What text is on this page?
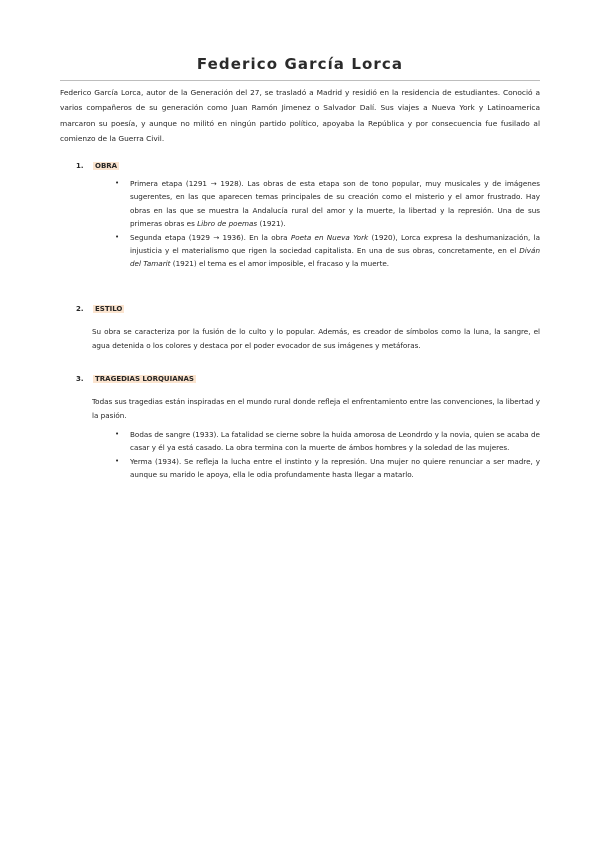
Federico García Lorca
Federico García Lorca, autor de la Generación del 27, se trasladó a Madrid y residió en la residencia de estudiantes. Conoció a varios compañeros de su generación como Juan Ramón Jimenez o Salvador Dalí. Sus viajes a Nueva York y Latinoamerica marcaron su poesía, y aunque no militó en ningún partido político, apoyaba la República y por consecuencia fue fusilado al comienzo de la Guerra Civil.
1. OBRA
• Primera etapa (1291 → 1928). Las obras de esta etapa son de tono popular, muy musicales y de imágenes sugerentes, en las que aparecen temas principales de su creación como el misterio y el amor frustrado. Hay obras en las que se muestra la Andalucía rural del amor y la muerte, la libertad y la represión. Una de sus primeras obras es Libro de poemas (1921).
• Segunda etapa (1929 → 1936). En la obra Poeta en Nueva York (1920), Lorca expresa la deshumanización, la injusticia y el materialismo que rigen la sociedad capitalista. En una de sus obras, concretamente, en el Diván del Tamarit (1921) el tema es el amor imposible, el fracaso y la muerte.
2. ESTILO
Su obra se caracteriza por la fusión de lo culto y lo popular. Además, es creador de símbolos como la luna, la sangre, el agua detenida o los colores y destaca por el poder evocador de sus imágenes y metáforas.
3. TRAGEDIAS LORQUIANAS
Todas sus tragedias están inspiradas en el mundo rural donde refleja el enfrentamiento entre las convenciones, la libertad y la pasión.
• Bodas de sangre (1933). La fatalidad se cierne sobre la huida amorosa de Leondrdo y la novia, quien se acaba de casar y él ya está casado. La obra termina con la muerte de ámbos hombres y la soledad de las mujeres.
• Yerma (1934). Se refleja la lucha entre el instinto y la represión. Una mujer no quiere renunciar a ser madre, y aunque su marido le apoya, ella le odia profundamente hasta llegar a matarlo.
